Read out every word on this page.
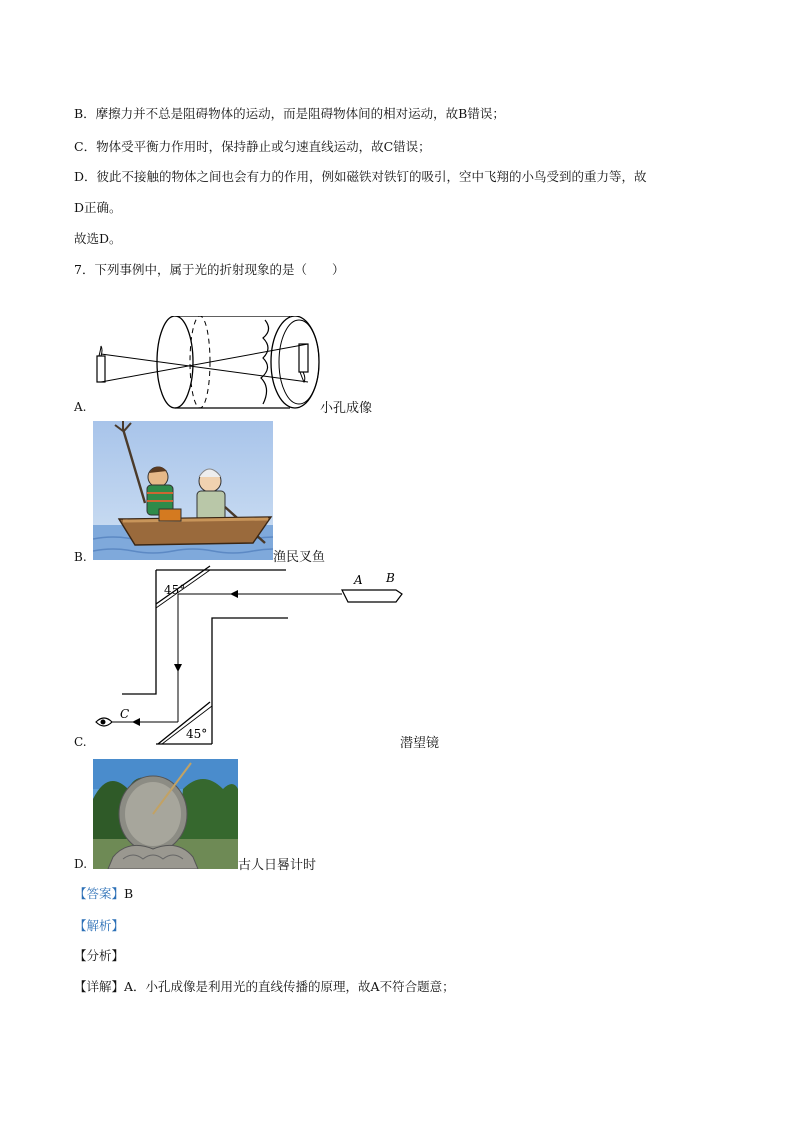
B．摩擦力并不总是阻碍物体的运动，而是阻碍物体间的相对运动，故B错误；
C．物体受平衡力作用时，保持静止或匀速直线运动，故C错误；
D．彼此不接触的物体之间也会有力的作用，例如磁铁对铁钉的吸引，空中飞翔的小鸟受到的重力等，故
D正确。
故选D。
7．下列事例中，属于光的折射现象的是（　　）
A.	小孔成像
B.	渔民叉鱼
45°
45°
A B
C
C.	潜望镜
D.	古人日晷计时
【答案】B
【解析】
【分析】
【详解】A．小孔成像是利用光的直线传播的原理，故A不符合题意；
